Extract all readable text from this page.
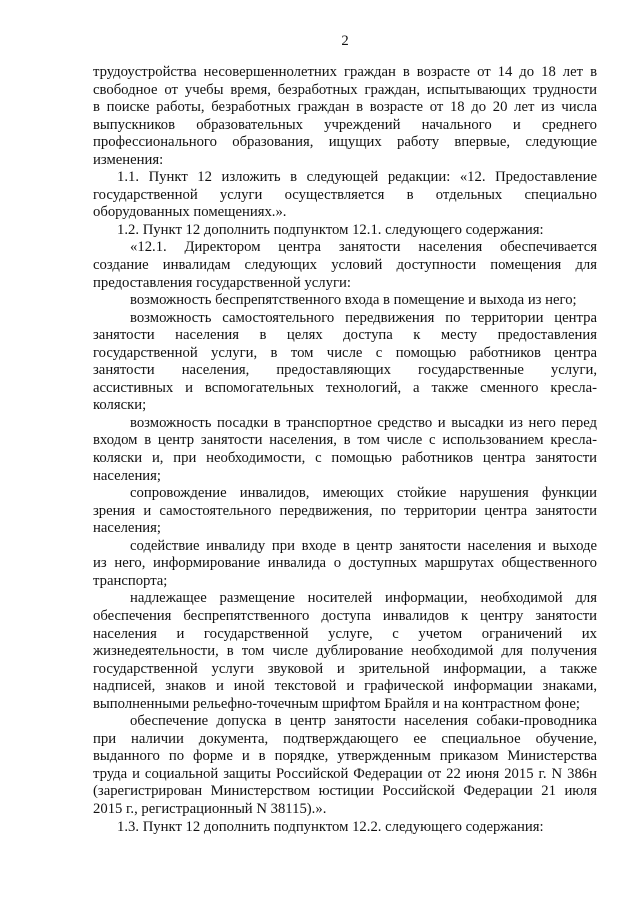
2
трудоустройства несовершеннолетних граждан в возрасте от 14 до 18 лет в
свободное от учебы время, безработных граждан, испытывающих трудности
в поиске работы, безработных граждан в возрасте от 18 до 20 лет из числа
выпускников образовательных учреждений начального и среднего
профессионального образования, ищущих работу впервые, следующие
изменения:
1.1. Пункт 12 изложить в следующей редакции: «12. Предоставление
государственной услуги осуществляется в отдельных специально
оборудованных помещениях.».
1.2. Пункт 12 дополнить подпунктом 12.1. следующего содержания:
«12.1. Директором центра занятости населения обеспечивается
создание инвалидам следующих условий доступности помещения для
предоставления государственной услуги:
возможность беспрепятственного входа в помещение и выхода из него;
возможность самостоятельного передвижения по территории центра
занятости населения в целях доступа к месту предоставления
государственной услуги, в том числе с помощью работников центра
занятости населения, предоставляющих государственные услуги,
ассистивных и вспомогательных технологий, а также сменного кресла-
коляски;
возможность посадки в транспортное средство и высадки из него перед
входом в центр занятости населения, в том числе с использованием кресла-
коляски и, при необходимости, с помощью работников центра занятости
населения;
сопровождение инвалидов, имеющих стойкие нарушения функции
зрения и самостоятельного передвижения, по территории центра занятости
населения;
содействие инвалиду при входе в центр занятости населения и выходе
из него, информирование инвалида о доступных маршрутах общественного
транспорта;
надлежащее размещение носителей информации, необходимой для
обеспечения беспрепятственного доступа инвалидов к центру занятости
населения и государственной услуге, с учетом ограничений их
жизнедеятельности, в том числе дублирование необходимой для получения
государственной услуги звуковой и зрительной информации, а также
надписей, знаков и иной текстовой и графической информации знаками,
выполненными рельефно-точечным шрифтом Брайля и на контрастном фоне;
обеспечение допуска в центр занятости населения собаки-проводника
при наличии документа, подтверждающего ее специальное обучение,
выданного по форме и в порядке, утвержденным приказом Министерства
труда и социальной защиты Российской Федерации от 22 июня 2015 г. N 386н
(зарегистрирован Министерством юстиции Российской Федерации 21 июля
2015 г., регистрационный N 38115).».
1.3. Пункт 12 дополнить подпунктом 12.2. следующего содержания:
